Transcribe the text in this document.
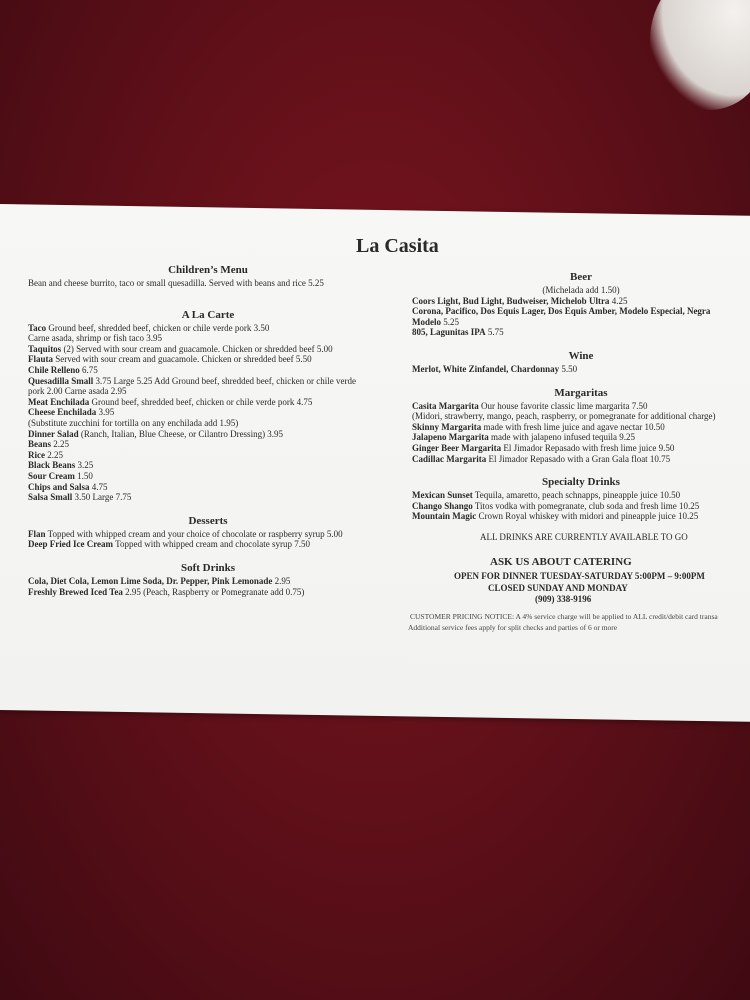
La Casita
Children’s Menu
Bean and cheese burrito, taco or small quesadilla. Served with beans and rice 5.25
A La Carte
Taco Ground beef, shredded beef, chicken or chile verde pork 3.50
Carne asada, shrimp or fish taco 3.95
Taquitos (2) Served with sour cream and guacamole. Chicken or shredded beef 5.00
Flauta Served with sour cream and guacamole. Chicken or shredded beef 5.50
Chile Relleno 6.75
Quesadilla Small 3.75 Large 5.25 Add Ground beef, shredded beef, chicken or chile verde
pork 2.00 Carne asada 2.95
Meat Enchilada Ground beef, shredded beef, chicken or chile verde pork 4.75
Cheese Enchilada 3.95
(Substitute zucchini for tortilla on any enchilada add 1.95)
Dinner Salad (Ranch, Italian, Blue Cheese, or Cilantro Dressing) 3.95
Beans 2.25
Rice 2.25
Black Beans 3.25
Sour Cream 1.50
Chips and Salsa 4.75
Salsa Small 3.50 Large 7.75
Desserts
Flan Topped with whipped cream and your choice of chocolate or raspberry syrup 5.00
Deep Fried Ice Cream Topped with whipped cream and chocolate syrup 7.50
Soft Drinks
Cola, Diet Cola, Lemon Lime Soda, Dr. Pepper, Pink Lemonade 2.95
Freshly Brewed Iced Tea 2.95 (Peach, Raspberry or Pomegranate add 0.75)
Beer
(Michelada add 1.50)
Coors Light, Bud Light, Budweiser, Michelob Ultra 4.25
Corona, Pacifico, Dos Equis Lager, Dos Equis Amber, Modelo Especial, Negra
Modelo 5.25
805, Lagunitas IPA 5.75
Wine
Merlot, White Zinfandel, Chardonnay 5.50
Margaritas
Casita Margarita Our house favorite classic lime margarita 7.50
(Midori, strawberry, mango, peach, raspberry, or pomegranate for additional charge)
Skinny Margarita made with fresh lime juice and agave nectar 10.50
Jalapeno Margarita made with jalapeno infused tequila 9.25
Ginger Beer Margarita El Jimador Repasado with fresh lime juice 9.50
Cadillac Margarita El Jimador Repasado with a Gran Gala float 10.75
Specialty Drinks
Mexican Sunset Tequila, amaretto, peach schnapps, pineapple juice 10.50
Chango Shango Titos vodka with pomegranate, club soda and fresh lime 10.25
Mountain Magic Crown Royal whiskey with midori and pineapple juice 10.25
ALL DRINKS ARE CURRENTLY AVAILABLE TO GO
ASK US ABOUT CATERING
OPEN FOR DINNER TUESDAY-SATURDAY 5:00PM – 9:00PM
CLOSED SUNDAY AND MONDAY
(909) 338-9196
CUSTOMER PRICING NOTICE: A 4% service charge will be applied to ALL credit/debit card transa
Additional service fees apply for split checks and parties of 6 or more
